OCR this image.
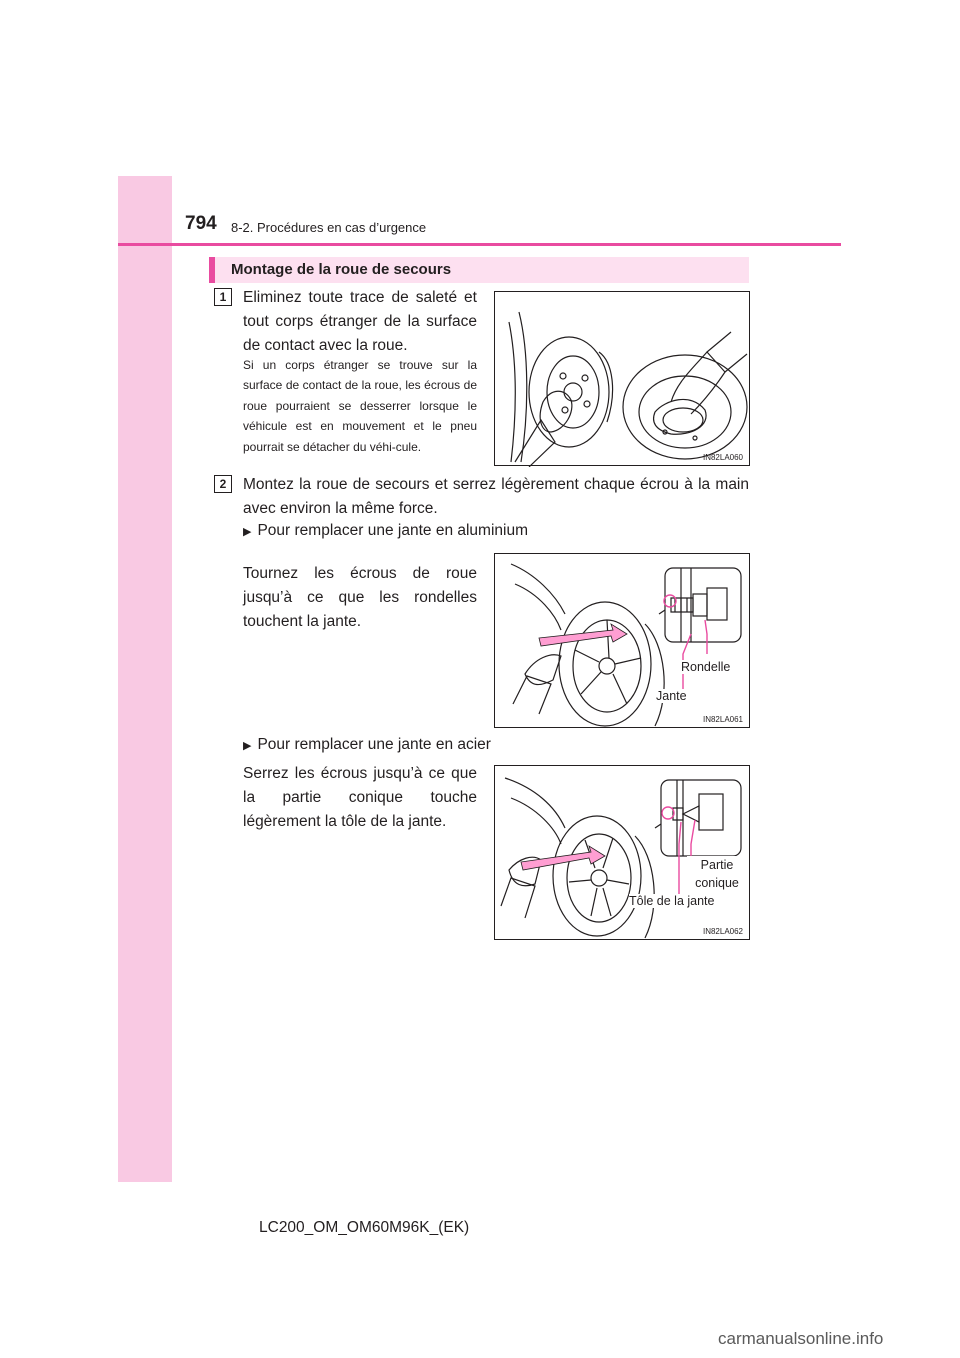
794 8-2. Procédures en cas d’urgence
Montage de la roue de secours
1	Eliminez toute trace de saleté et tout corps étranger de la surface de contact avec la roue.
Si un corps étranger se trouve sur la surface de contact de la roue, les écrous de roue pourraient se desserrer lorsque le véhicule est en mouvement et le pneu pourrait se détacher du véhi-cule.
IN82LA060
2	Montez la roue de secours et serrez légèrement chaque écrou à la main avec environ la même force.
▶ Pour remplacer une jante en aluminium
Tournez les écrous de roue jusqu’à ce que les rondelles touchent la jante.
Rondelle
Jante
IN82LA061
▶ Pour remplacer une jante en acier
Serrez les écrous jusqu’à ce que la partie conique touche légèrement la tôle de la jante.
Partie conique
Tôle de la jante
IN82LA062
LC200_OM_OM60M96K_(EK)
carmanualsonline.info
